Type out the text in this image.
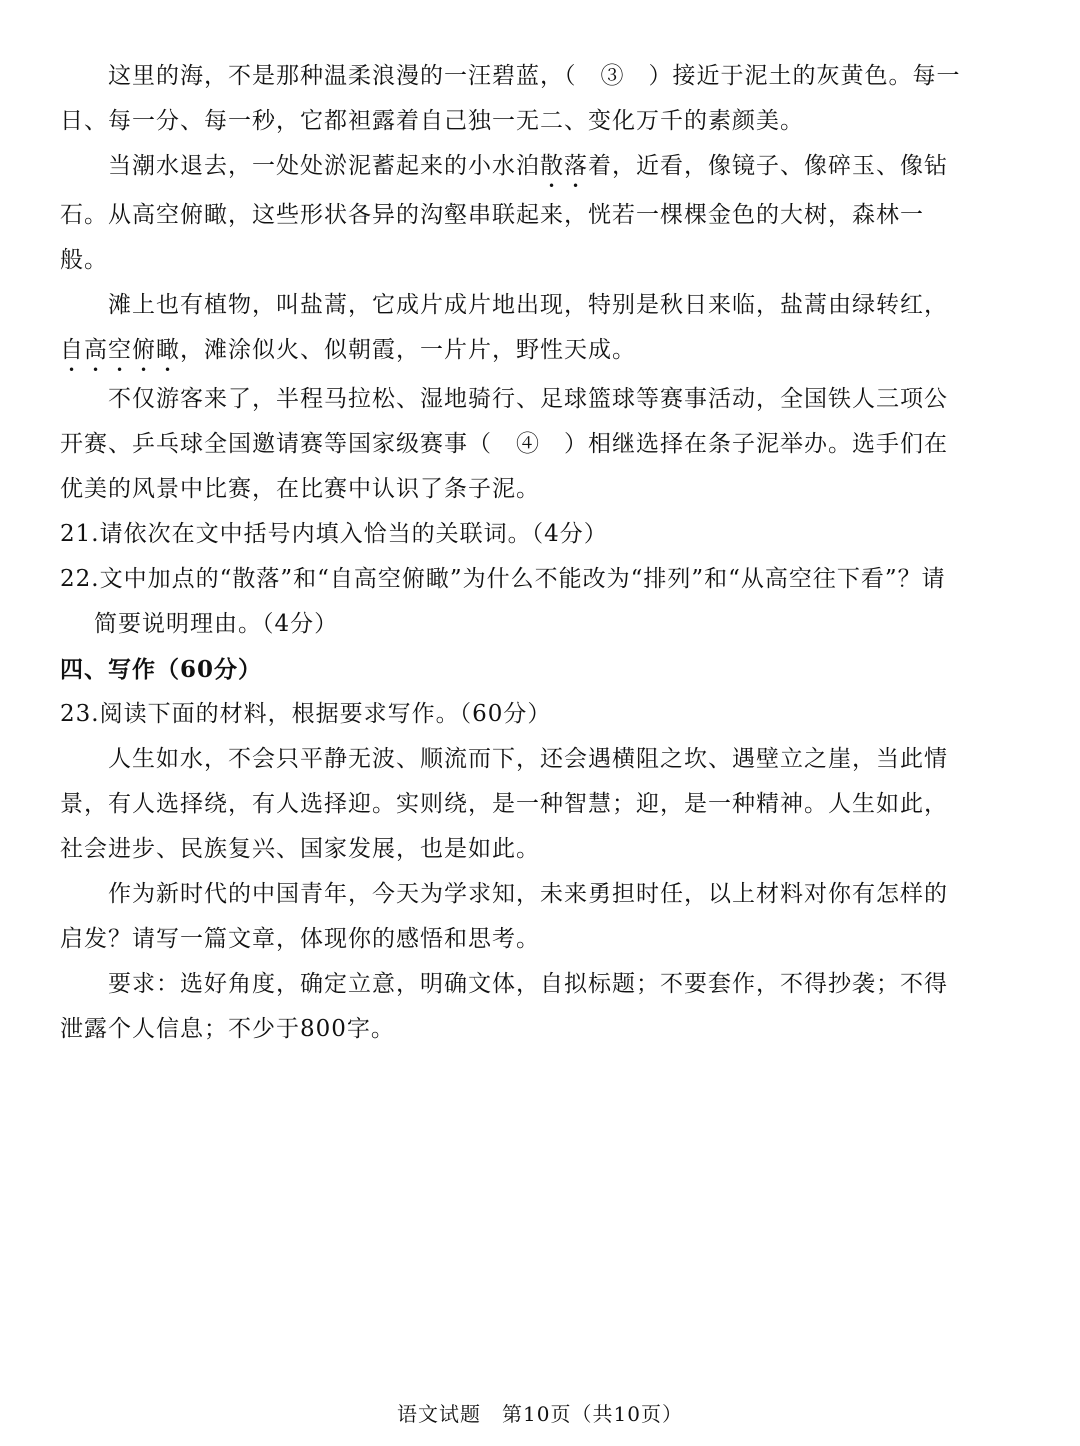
这里的海，不是那种温柔浪漫的一汪碧蓝，（　③　）接近于泥土的灰黄色。每一日、每一分、每一秒，它都袒露着自己独一无二、变化万千的素颜美。

当潮水退去，一处处淤泥蓄起来的小水泊散落着，近看，像镜子、像碎玉、像钻石。从高空俯瞰，这些形状各异的沟壑串联起来，恍若一棵棵金色的大树，森林一般。

滩上也有植物，叫盐蒿，它成片成片地出现，特别是秋日来临，盐蒿由绿转红，自高空俯瞰，滩涂似火、似朝霞，一片片，野性天成。

不仅游客来了，半程马拉松、湿地骑行、足球篮球等赛事活动，全国铁人三项公开赛、乒乓球全国邀请赛等国家级赛事（　④　）相继选择在条子泥举办。选手们在优美的风景中比赛，在比赛中认识了条子泥。

21.请依次在文中括号内填入恰当的关联词。（4分）

22.文中加点的“散落”和“自高空俯瞰”为什么不能改为“排列”和“从高空往下看”？请简要说明理由。（4分）

四、写作（60分）

23.阅读下面的材料，根据要求写作。（60分）

人生如水，不会只平静无波、顺流而下，还会遇横阻之坎、遇壁立之崖，当此情景，有人选择绕，有人选择迎。实则绕，是一种智慧；迎，是一种精神。人生如此，社会进步、民族复兴、国家发展，也是如此。

作为新时代的中国青年，今天为学求知，未来勇担时任，以上材料对你有怎样的启发？请写一篇文章，体现你的感悟和思考。

要求：选好角度，确定立意，明确文体，自拟标题；不要套作，不得抄袭；不得泄露个人信息；不少于800字。

语文试题　第10页（共10页）
